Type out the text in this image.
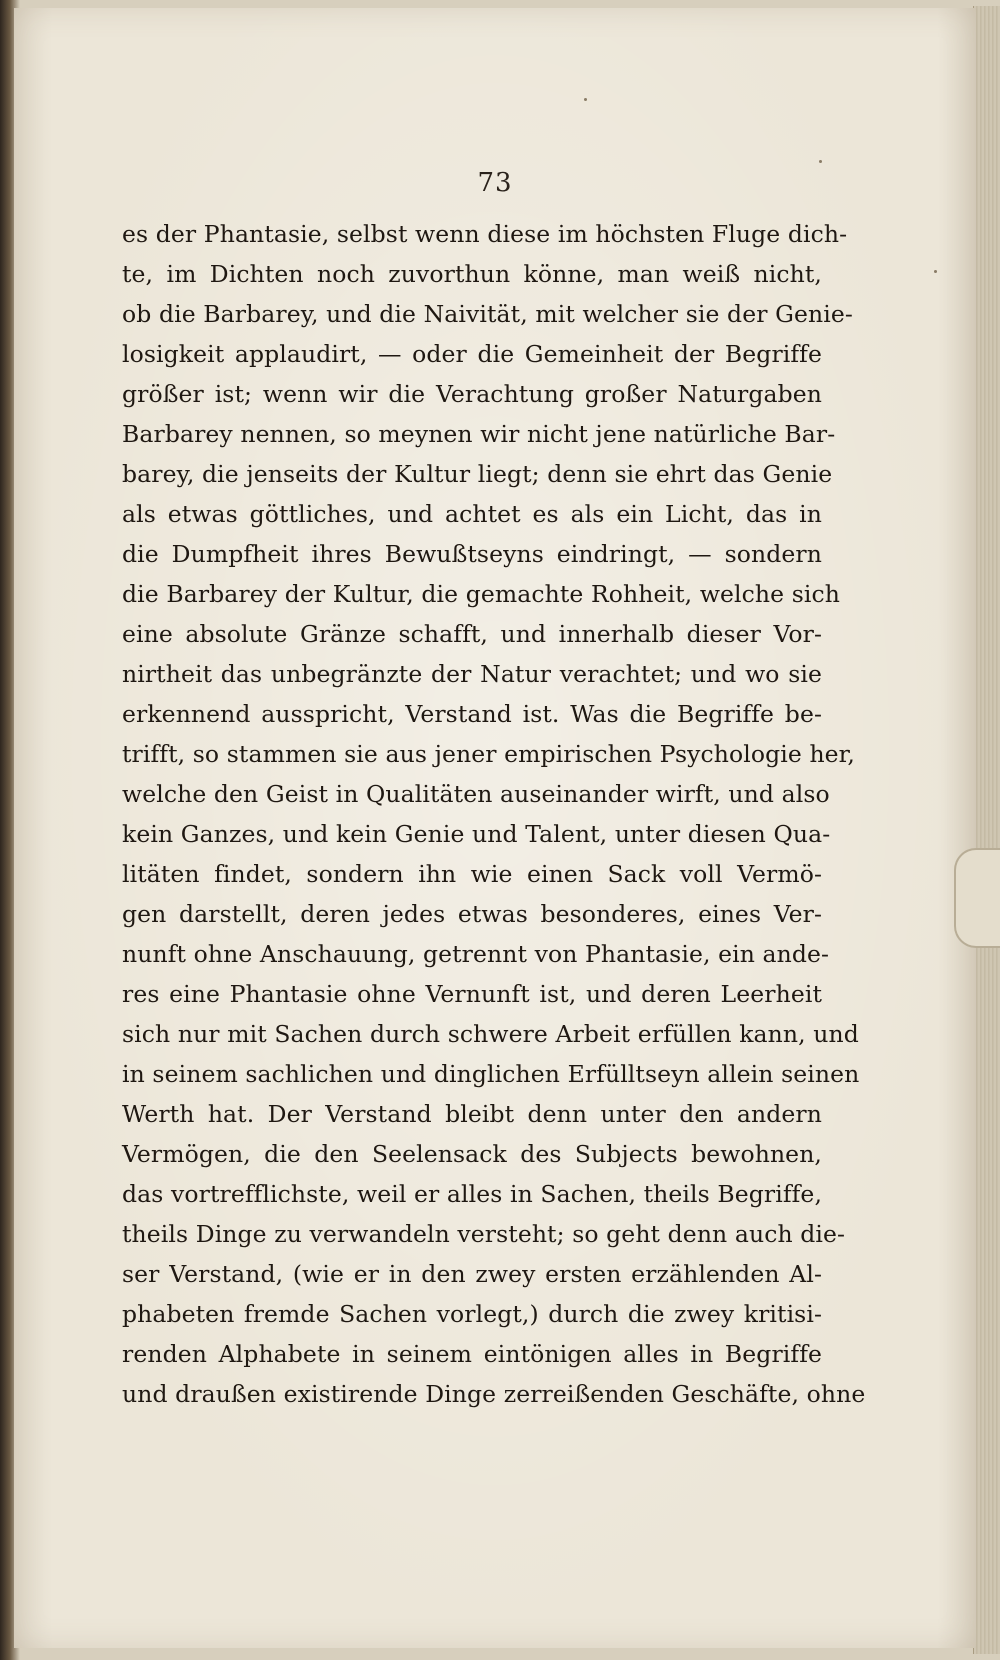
73
es der Phantasie, selbst wenn diese im höchsten Fluge dich-
te, im Dichten noch zuvorthun könne, man weiß nicht,
ob die Barbarey, und die Naivität, mit welcher sie der Genie-
losigkeit applaudirt, — oder die Gemeinheit der Begriffe
größer ist; wenn wir die Verachtung großer Naturgaben
Barbarey nennen, so meynen wir nicht jene natürliche Bar-
barey, die jenseits der Kultur liegt; denn sie ehrt das Genie
als etwas göttliches, und achtet es als ein Licht, das in
die Dumpfheit ihres Bewußtseyns eindringt, — sondern
die Barbarey der Kultur, die gemachte Rohheit, welche sich
eine absolute Gränze schafft, und innerhalb dieser Vor-
nirtheit das unbegränzte der Natur verachtet; und wo sie
erkennend ausspricht, Verstand ist. Was die Begriffe be-
trifft, so stammen sie aus jener empirischen Psychologie her,
welche den Geist in Qualitäten auseinander wirft, und also
kein Ganzes, und kein Genie und Talent, unter diesen Qua-
litäten findet, sondern ihn wie einen Sack voll Vermö-
gen darstellt, deren jedes etwas besonderes, eines Ver-
nunft ohne Anschauung, getrennt von Phantasie, ein ande-
res eine Phantasie ohne Vernunft ist, und deren Leerheit
sich nur mit Sachen durch schwere Arbeit erfüllen kann, und
in seinem sachlichen und dinglichen Erfülltseyn allein seinen
Werth hat. Der Verstand bleibt denn unter den andern
Vermögen, die den Seelensack des Subjects bewohnen,
das vortrefflichste, weil er alles in Sachen, theils Begriffe,
theils Dinge zu verwandeln versteht; so geht denn auch die-
ser Verstand, (wie er in den zwey ersten erzählenden Al-
phabeten fremde Sachen vorlegt,) durch die zwey kritisi-
renden Alphabete in seinem eintönigen alles in Begriffe
und draußen existirende Dinge zerreißenden Geschäfte, ohne
